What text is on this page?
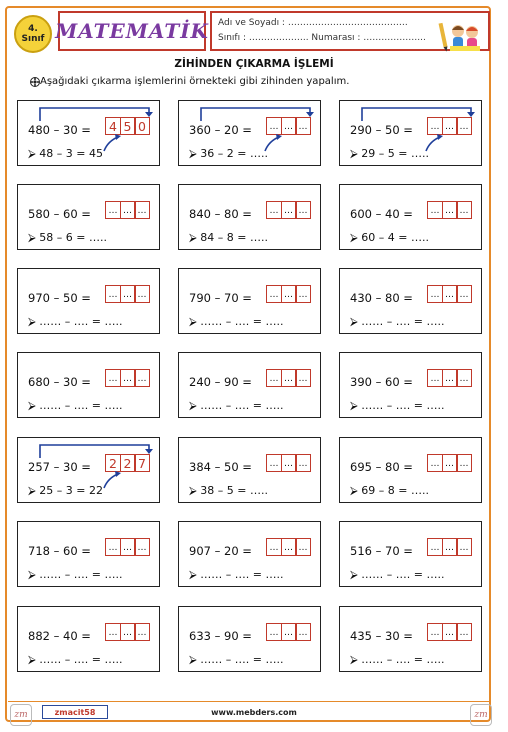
4.
Sınıf MATEMATİK Adı ve Soyadı : ………………………………….
Sınıfı : ……………….. Numarası : ………………...
ZİHİNDEN ÇIKARMA İŞLEMİ
Aşağıdaki çıkarma işlemlerini örnekteki gibi zihinden yapalım.
480 – 30 =	4 5 0
⮚ 48 – 3 = 45
360 – 20 =	… … …
⮚ 36 – 2 = …..
290 – 50 =	… … …
⮚ 29 – 5 = …..
580 – 60 =	… … …
⮚ 58 – 6 = …..
840 – 80 =	… … …
⮚ 84 – 8 = …..
600 – 40 =	… … …
⮚ 60 – 4 = …..
970 – 50 =	… … …
⮚ …… – …. = …..
790 – 70 =	… … …
⮚ …… – …. = …..
430 – 80 =	… … …
⮚ …… – …. = …..
680 – 30 =	… … …
⮚ …… – …. = …..
240 – 90 =	… … …
⮚ …… – …. = …..
390 – 60 =	… … …
⮚ …… – …. = …..
257 – 30 =	2 2 7
⮚ 25 – 3 = 22
384 – 50 =	… … …
⮚ 38 – 5 = …..
695 – 80 =	… … …
⮚ 69 – 8 = …..
718 – 60 =	… … …
⮚ …… – …. = …..
907 – 20 =	… … …
⮚ …… – …. = …..
516 – 70 =	… … …
⮚ …… – …. = …..
882 – 40 =	… … …
⮚ …… – …. = …..
633 – 90 =	… … …
⮚ …… – …. = …..
435 – 30 =	… … …
⮚ …… – …. = …..
zm	zmacit58	www.mebders.com	zm
